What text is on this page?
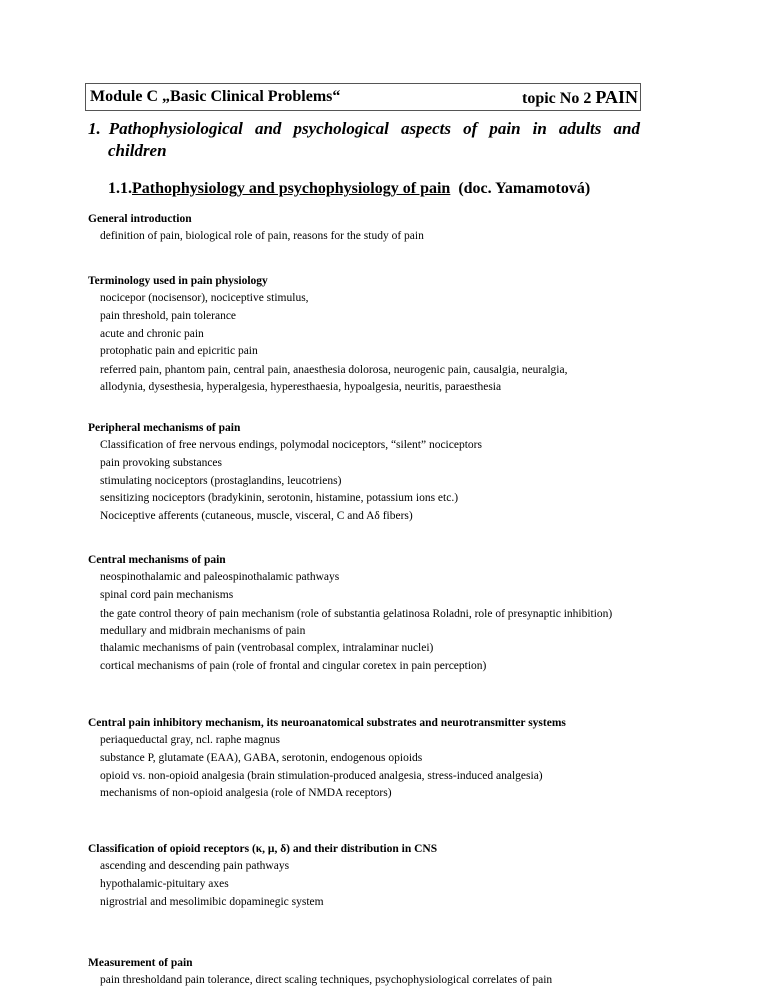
Module C „Basic Clinical Problems“	topic No 2 PAIN
1. Pathophysiological and psychological aspects of pain in adults and
children
1.1.Pathophysiology and psychophysiology of pain (doc. Yamamotová)
General introduction
definition of pain, biological role of pain, reasons for the study of pain
Terminology used in pain physiology
nocicepor (nocisensor), nociceptive stimulus,
pain threshold, pain tolerance
acute and chronic pain
protophatic pain and epicritic pain
referred pain, phantom pain, central pain, anaesthesia dolorosa, neurogenic pain, causalgia, neuralgia,
allodynia, dysesthesia, hyperalgesia, hyperesthaesia, hypoalgesia, neuritis, paraesthesia
Peripheral mechanisms of pain
Classification of free nervous endings, polymodal nociceptors, “silent” nociceptors
pain provoking substances
stimulating nociceptors (prostaglandins, leucotriens)
sensitizing nociceptors (bradykinin, serotonin, histamine, potassium ions etc.)
Nociceptive afferents (cutaneous, muscle, visceral, C and Aδ fibers)
Central mechanisms of pain
neospinothalamic and paleospinothalamic pathways
spinal cord pain mechanisms
the gate control theory of pain mechanism (role of substantia gelatinosa Roladni, role of presynaptic inhibition)
medullary and midbrain mechanisms of pain
thalamic mechanisms of pain (ventrobasal complex, intralaminar nuclei)
cortical mechanisms of pain (role of frontal and cingular coretex in pain perception)
Central pain inhibitory mechanism, its neuroanatomical substrates and neurotransmitter systems
periaqueductal gray, ncl. raphe magnus
substance P, glutamate (EAA), GABA, serotonin, endogenous opioids
opioid vs. non-opioid analgesia (brain stimulation-produced analgesia, stress-induced analgesia)
mechanisms of non-opioid analgesia (role of NMDA receptors)
Classification of opioid receptors (κ, μ, δ) and their distribution in CNS
ascending and descending pain pathways
hypothalamic-pituitary axes
nigrostrial and mesolimibic dopaminegic system
Measurement of pain
pain thresholdand pain tolerance, direct scaling techniques, psychophysiological correlates of pain
